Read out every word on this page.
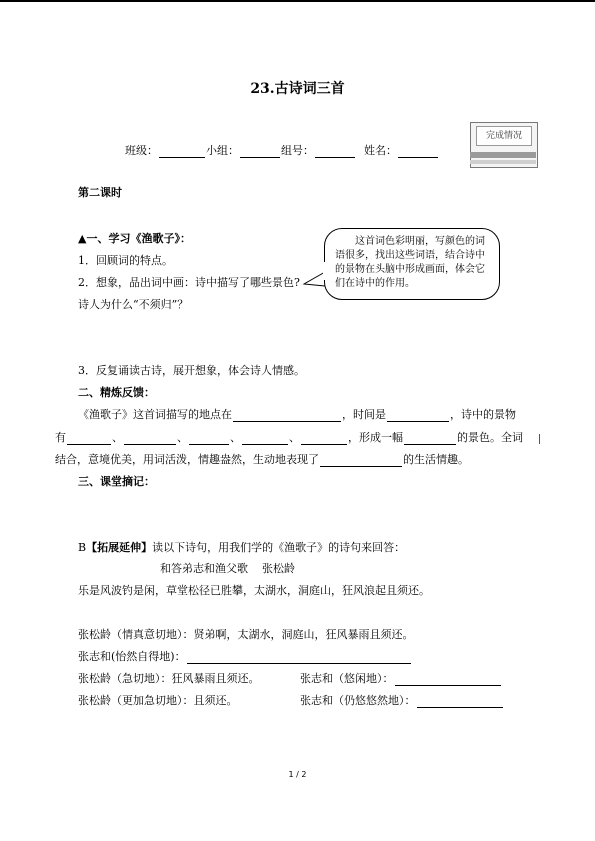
23.古诗词三首
班级：	小组：	组号：	姓名：
完成情况
第二课时
▲一、学习《渔歌子》：
1．回顾词的特点。
2．想象，品出词中画：诗中描写了哪些景色?
诗人为什么“不须归”？
这首词色彩明丽，写颜色的词语很多，找出这些词语，结合诗中的景物在头脑中形成画面，体会它们在诗中的作用。
3．反复诵读古诗，展开想象，体会诗人情感。
二、精炼反馈：
《渔歌子》这首词描写的地点在	，时间是	，诗中的景物
有	、	、	、	、	，形成一幅	的景色。全词
结合，意境优美，用词活泼，情趣盎然，生动地表现了	的生活情趣。
三、课堂摘记：
B【拓展延伸】读以下诗句，用我们学的《渔歌子》的诗句来回答：
和答弟志和渔父歌 张松龄
乐是风波钓是闲，草堂松径已胜攀，太湖水，洞庭山，狂风浪起且须还。
张松龄（情真意切地）：贤弟啊，太湖水，洞庭山，狂风暴雨且须还。
张志和(怡然自得地)：
张松龄（急切地）：狂风暴雨且须还。	张志和（悠闲地）：
张松龄（更加急切地）：且须还。	张志和（仍悠悠然地）：
1 / 2
